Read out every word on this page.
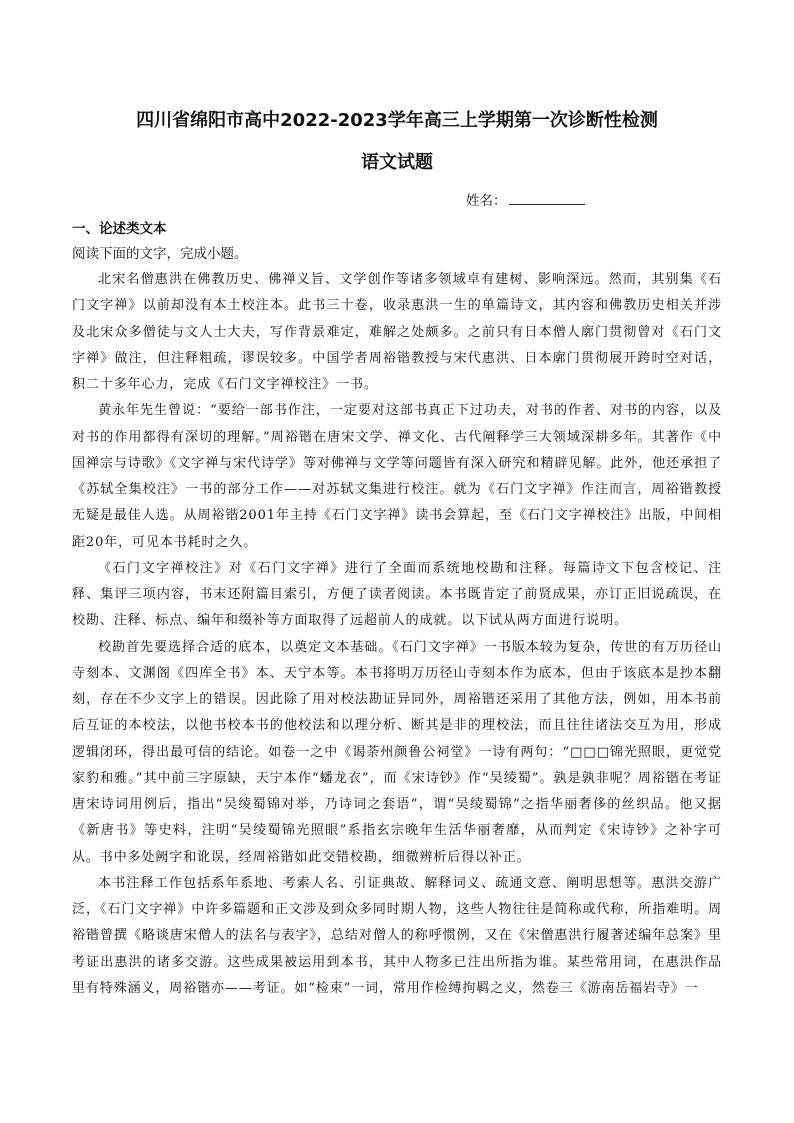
四川省绵阳市高中2022-2023学年高三上学期第一次诊断性检测
语文试题
姓名：
一、论述类文本
阅读下面的文字，完成小题。

北宋名僧惠洪在佛教历史、佛禅义旨、文学创作等诸多领域卓有建树、影响深远。然而，其别集《石门文字禅》以前却没有本土校注本。此书三十卷，收录惠洪一生的单篇诗文，其内容和佛教历史相关并涉及北宋众多僧徒与文人士大夫，写作背景难定，难解之处颇多。之前只有日本僧人廓门贯彻曾对《石门文字禅》做注，但注释粗疏，谬误较多。中国学者周裕锴教授与宋代惠洪、日本廓门贯彻展开跨时空对话，积二十多年心力，完成《石门文字禅校注》一书。

黄永年先生曾说：“要给一部书作注，一定要对这部书真正下过功夫，对书的作者、对书的内容，以及对书的作用都得有深切的理解。”周裕锴在唐宋文学、禅文化、古代阐释学三大领域深耕多年。其著作《中国禅宗与诗歌》《文字禅与宋代诗学》等对佛禅与文学等问题皆有深入研究和精辟见解。此外，他还承担了《苏轼全集校注》一书的部分工作——对苏轼文集进行校注。就为《石门文字禅》作注而言，周裕锴教授无疑是最佳人选。从周裕锴2001年主持《石门文字禅》读书会算起，至《石门文字禅校注》出版，中间相距20年，可见本书耗时之久。

《石门文字禅校注》对《石门文字禅》进行了全面而系统地校勘和注释。每篇诗文下包含校记、注释、集评三项内容，书末还附篇目索引，方便了读者阅读。本书既肯定了前贤成果，亦订正旧说疏误，在校勘、注释、标点、编年和缀补等方面取得了远超前人的成就。以下试从两方面进行说明。

校勘首先要选择合适的底本，以奠定文本基础。《石门文字禅》一书版本较为复杂，传世的有万历径山寺刻本、文渊阁《四库全书》本、天宁本等。本书将明万历径山寺刻本作为底本，但由于该底本是抄本翻刻，存在不少文字上的错误。因此除了用对校法勘证异同外，周裕锴还采用了其他方法，例如，用本书前后互证的本校法，以他书校本书的他校法和以理分析、断其是非的理校法，而且往往诸法交互为用，形成逻辑闭环，得出最可信的结论。如卷一之中《谒荼州颜鲁公祠堂》一诗有两句：“□□□锦光照眼，更觉党家豹和雅。”其中前三字原缺，天宁本作“蟠龙衣”，而《宋诗钞》作“吴绫蜀”。孰是孰非呢？周裕锴在考证唐宋诗词用例后，指出“吴绫蜀锦对举，乃诗词之套语”，谓“吴绫蜀锦”之指华丽奢侈的丝织品。他又据《新唐书》等史料，注明“吴绫蜀锦光照眼”系指玄宗晚年生活华丽奢靡，从而判定《宋诗钞》之补字可从。书中多处阙字和讹误，经周裕锴如此交错校勘，细微辨析后得以补正。

本书注释工作包括系年系地、考索人名、引证典故、解释词义、疏通文意、阐明思想等。惠洪交游广泛，《石门文字禅》中许多篇题和正文涉及到众多同时期人物，这些人物往往是简称或代称，所指难明。周裕锴曾撰《略谈唐宋僧人的法名与表字》，总结对僧人的称呼惯例，又在《宋僧惠洪行履著述编年总案》里考证出惠洪的诸多交游。这些成果被运用到本书，其中人物多已注出所指为谁。某些常用词，在惠洪作品里有特殊涵义，周裕锴亦——考证。如“检束”一词，常用作检缚拘羁之义，然卷三《游南岳福岩寺》一
